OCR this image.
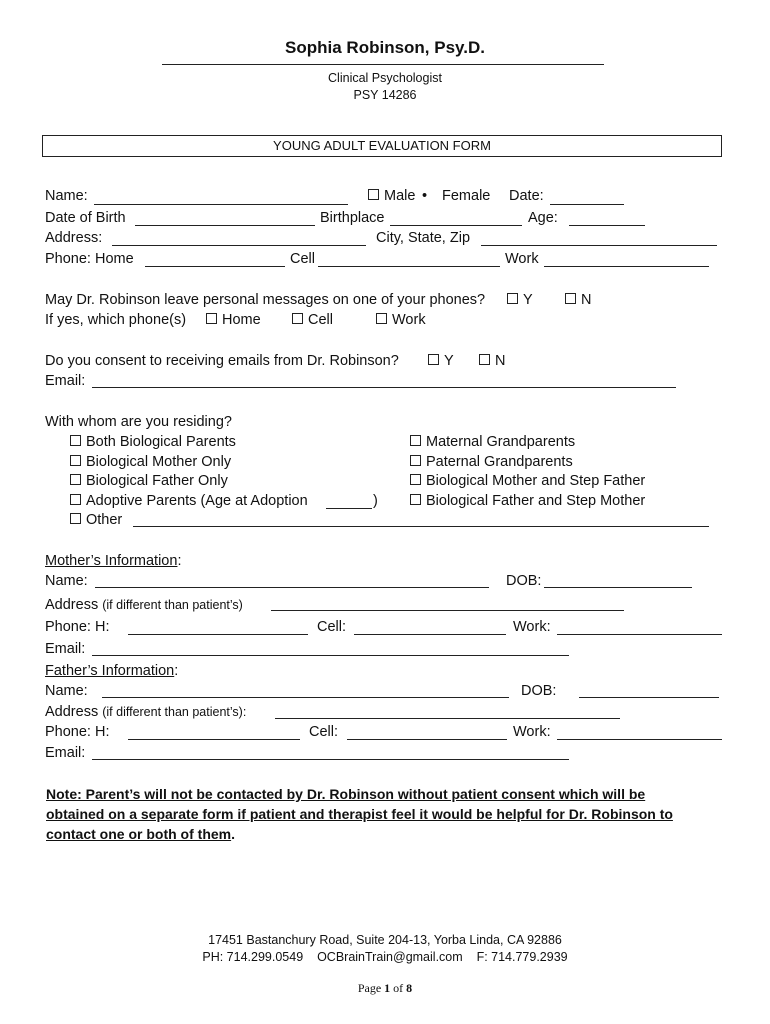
Sophia Robinson, Psy.D.
Clinical Psychologist
PSY 14286
YOUNG ADULT EVALUATION FORM
Name:	Male • Female Date:
Date of Birth	Birthplace	Age:
Address:	City, State, Zip
Phone: Home	Cell	Work
May Dr. Robinson leave personal messages on one of your phones?	Y	N
If yes, which phone(s)	Home	Cell	Work
Do you consent to receiving emails from Dr. Robinson?	Y	N
Email:
With whom are you residing?
Both Biological Parents
Biological Mother Only
Biological Father Only
Adoptive Parents (Age at Adoption	)
Other
Maternal Grandparents
Paternal Grandparents
Biological Mother and Step Father
Biological Father and Step Mother
Mother’s Information:
Name:	DOB:
Address (if different than patient’s)
Phone: H:	Cell:	Work:
Email:
Father’s Information:
Name:	DOB:
Address (if different than patient’s):
Phone: H:	Cell:	Work:
Email:
Note: Parent’s will not be contacted by Dr. Robinson without patient consent which will be
obtained on a separate form if patient and therapist feel it would be helpful for Dr. Robinson to
contact one or both of them.
17451 Bastanchury Road, Suite 204-13, Yorba Linda, CA 92886
PH: 714.299.0549 OCBrainTrain@gmail.com F: 714.779.2939
Page 1 of 8
